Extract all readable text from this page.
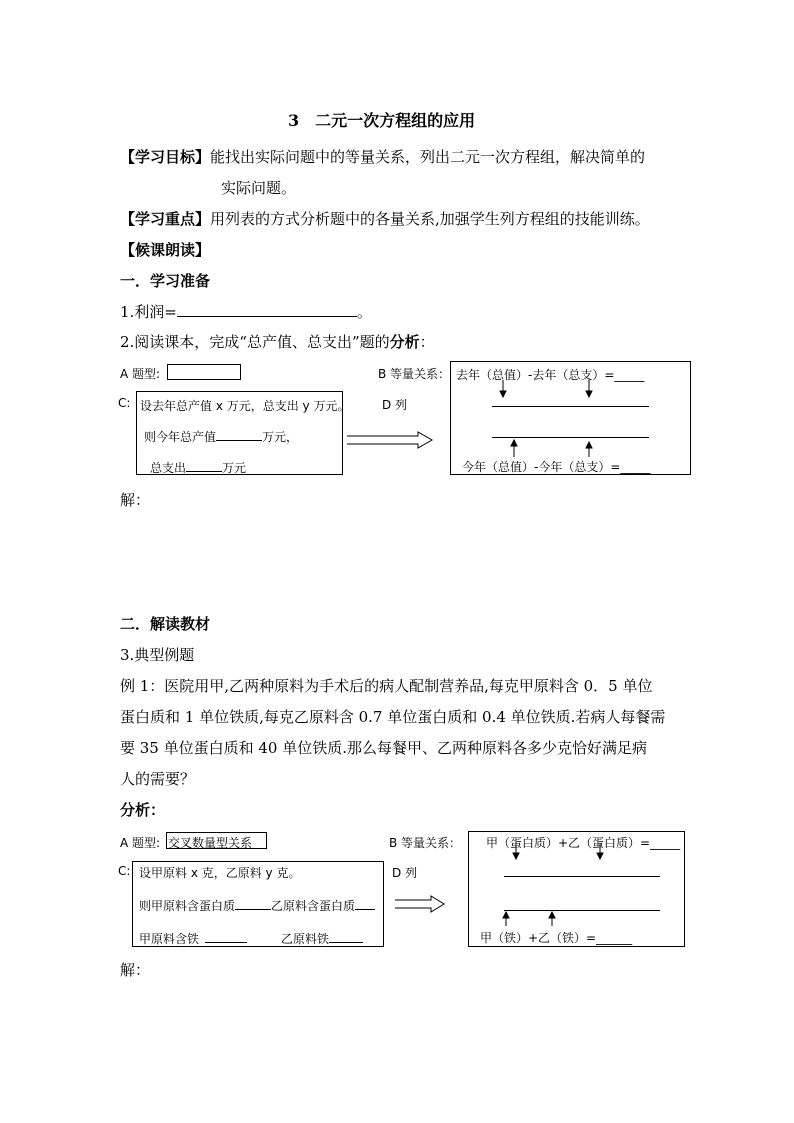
3　二元一次方程组的应用
【学习目标】能找出实际问题中的等量关系，列出二元一次方程组，解决简单的
实际问题。
【学习重点】用列表的方式分析题中的各量关系,加强学生列方程组的技能训练。
【候课朗读】
一．学习准备
1.利润=	。
2.阅读课本，完成“总产值、总支出”题的分析：
A 题型:	B 等量关系：
C: 设去年总产值 x 万元，总支出 y 万元。
则今年总产值	万元，
总支出	万元
D 列
去年（总值）-去年（总支）=_____
今年（总值）-今年（总支）=_____
解：
二．解读教材
3.典型例题
例 1：医院用甲,乙两种原料为手术后的病人配制营养品,每克甲原料含 0．5 单位
蛋白质和 1 单位铁质,每克乙原料含 0.7 单位蛋白质和 0.4 单位铁质.若病人每餐需
要 35 单位蛋白质和 40 单位铁质.那么每餐甲、乙两种原料各多少克恰好满足病
人的需要？
分析：
A 题型: 交叉数量型关系	B 等量关系：
C: 设甲原料 x 克，乙原料 y 克。
则甲原料含蛋白质	乙原料含蛋白质
甲原料含铁	乙原料铁
D 列
甲（蛋白质）+乙（蛋白质）=_____
甲（铁）+乙（铁）=______
解：
